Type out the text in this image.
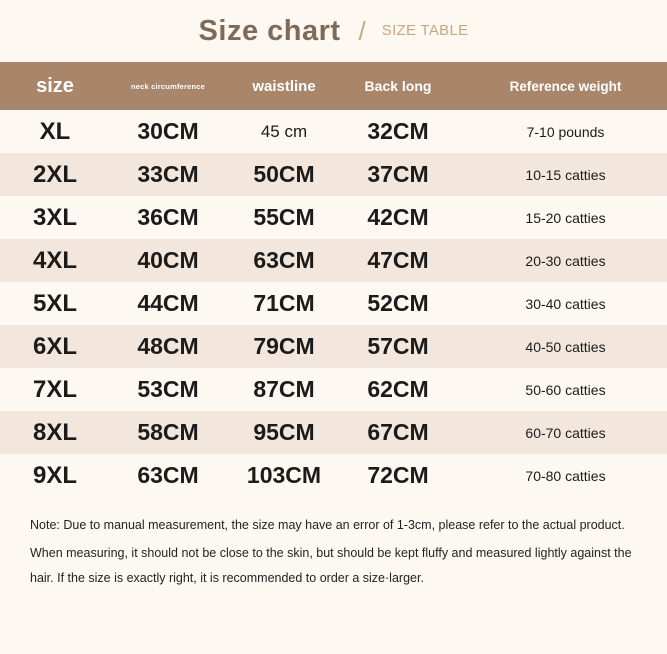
Size chart / SIZE TABLE
size	neck circumference	waistline	Back long	Reference weight
XL	30CM	45 cm	32CM	7-10 pounds
2XL	33CM	50CM	37CM	10-15 catties
3XL	36CM	55CM	42CM	15-20 catties
4XL	40CM	63CM	47CM	20-30 catties
5XL	44CM	71CM	52CM	30-40 catties
6XL	48CM	79CM	57CM	40-50 catties
7XL	53CM	87CM	62CM	50-60 catties
8XL	58CM	95CM	67CM	60-70 catties
9XL	63CM	103CM	72CM	70-80 catties

Note: Due to manual measurement, the size may have an error of 1-3cm, please refer to the actual product.

When measuring, it should not be close to the skin, but should be kept fluffy and measured lightly against the hair. If the size is exactly right, it is recommended to order a size·larger.
